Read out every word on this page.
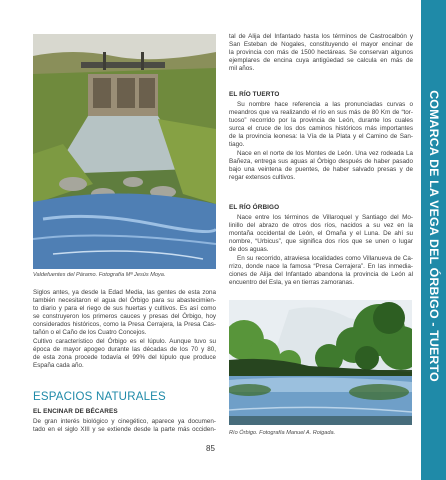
Valdefuentes del Páramo. Fotografía Mª Jesús Moya.

Siglos antes, ya desde la Edad Media, las gentes de esta zona
también necesitaron el agua del Órbigo para su abastecimien-
to diario y para el riego de sus huertas y cultivos. Es así como
se construyeron los primeros cauces y presas del Órbigo, hoy
considerados históricos, como la Presa Cerrajera, la Presa Cas-
tañón o el Caño de los Cuatro Concejos.

Cultivo característico del Órbigo es el lúpulo. Aunque tuvo su
época de mayor apogeo durante las décadas de los 70 y 80,
de esta zona procede todavía el 99% del lúpulo que produce
España cada año.

ESPACIOS NATURALES
EL ENCINAR DE BÉCARES

De gran interés biológico y cinegético, aparece ya documen-
tado en el siglo XIII y se extiende desde la parte más occiden-

tal de Alija del Infantado hasta los términos de Castrocalbón y
San Esteban de Nogales, constituyendo el mayor encinar de
la provincia con más de 1500 hectáreas. Se conservan algunos
ejemplares de encina cuya antigüedad se calcula en más de
mil años.

EL RÍO TUERTO

Su nombre hace referencia a las pronunciadas curvas o
meandros que va realizando el río en sus más de 80 Km de “tor-
tuoso” recorrido por la provincia de León, durante los cuales
surca el cruce de los dos caminos históricos más importantes
de la provincia leonesa: la Vía de la Plata y el Camino de San-
tiago.

Nace en el norte de los Montes de León. Una vez rodeada La
Bañeza, entrega sus aguas al Órbigo después de haber pasado
bajo una veintena de puentes, de haber salvado presas y de
regar extensos cultivos.

EL RÍO ÓRBIGO

Nace entre los términos de Villaroquel y Santiago del Mo-
linillo del abrazo de otros dos ríos, nacidos a su vez en la
montaña occidental de León, el Omaña y el Luna. De ahí su
nombre, “Urbicus”, que significa dos ríos que se unen o lugar
de dos aguas.

En su recorrido, atraviesa localidades como Villanueva de Ca-
rrizo, donde nace la famosa “Presa Cerrajera”. En las inmedia-
ciones de Alija del Infantado abandona la provincia de León al
encuentro del Esla, ya en tierras zamoranas.

Río Órbigo. Fotografía Manuel A. Roigada.
85
COMARCA DE LA VEGA DEL ÓRBIGO - TUERTO
